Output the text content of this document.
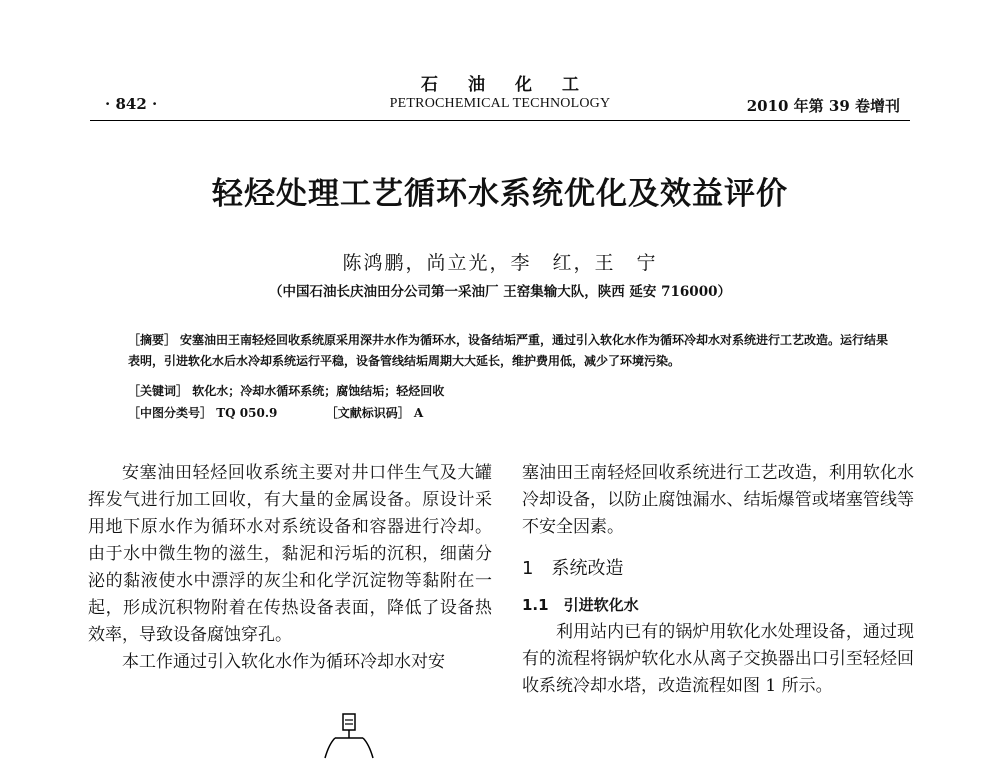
石油化工
· 842 ·	PETROCHEMICAL TECHNOLOGY	2010 年第 39 卷增刊
轻烃处理工艺循环水系统优化及效益评价
陈鸿鹏，尚立光，李　红，王　宁
（中国石油长庆油田分公司第一采油厂 王窑集输大队，陕西 延安 716000）
［摘要］ 安塞油田王南轻烃回收系统原采用深井水作为循环水，设备结垢严重，通过引入软化水作为循环冷却水对系统进行工艺改造。运行结果表明，引进软化水后水冷却系统运行平稳，设备管线结垢周期大大延长，维护费用低，减少了环境污染。
［关键词］ 软化水；冷却水循环系统；腐蚀结垢；轻烃回收
［中图分类号］ TQ 050.9	［文献标识码］ A

安塞油田轻烃回收系统主要对井口伴生气及大罐挥发气进行加工回收，有大量的金属设备。原设计采用地下原水作为循环水对系统设备和容器进行冷却。由于水中微生物的滋生，黏泥和污垢的沉积，细菌分泌的黏液使水中漂浮的灰尘和化学沉淀物等黏附在一起，形成沉积物附着在传热设备表面，降低了设备热效率，导致设备腐蚀穿孔。

本工作通过引入软化水作为循环冷却水对安

塞油田王南轻烃回收系统进行工艺改造，利用软化水冷却设备，以防止腐蚀漏水、结垢爆管或堵塞管线等不安全因素。

1　系统改造

1.1　引进软化水

利用站内已有的锅炉用软化水处理设备，通过现有的流程将锅炉软化水从离子交换器出口引至轻烃回收系统冷却水塔，改造流程如图 1 所示。
